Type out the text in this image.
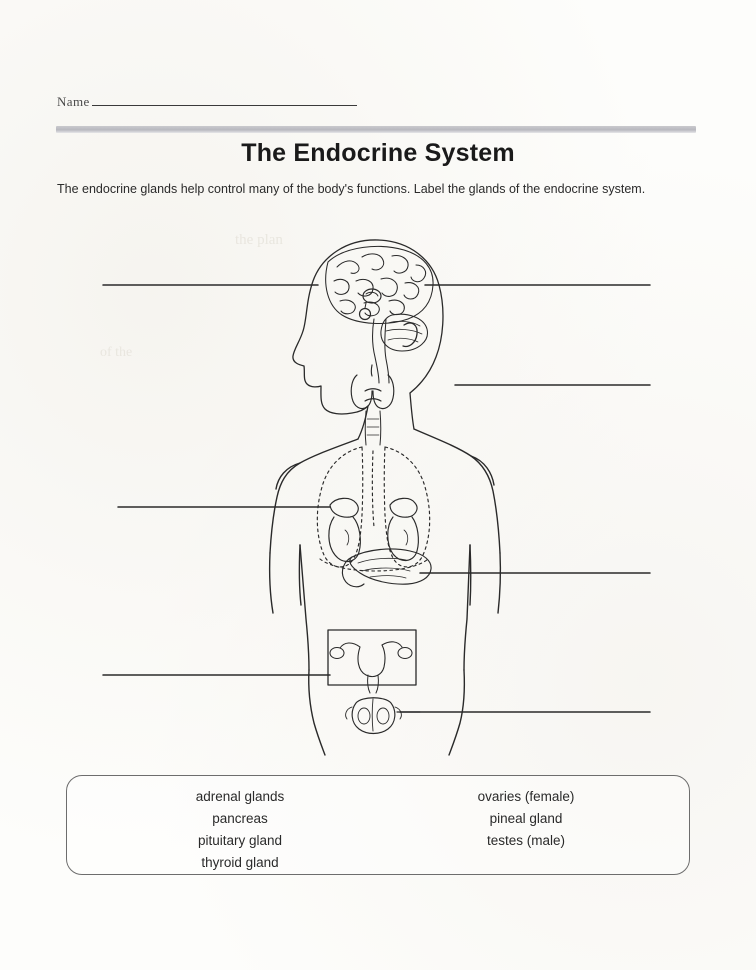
the plan
of the
Name
The Endocrine System
The endocrine glands help control many of the body's functions. Label the glands of the endocrine system.
adrenal glands
pancreas
pituitary gland
thyroid gland
ovaries (female)
pineal gland
testes (male)
